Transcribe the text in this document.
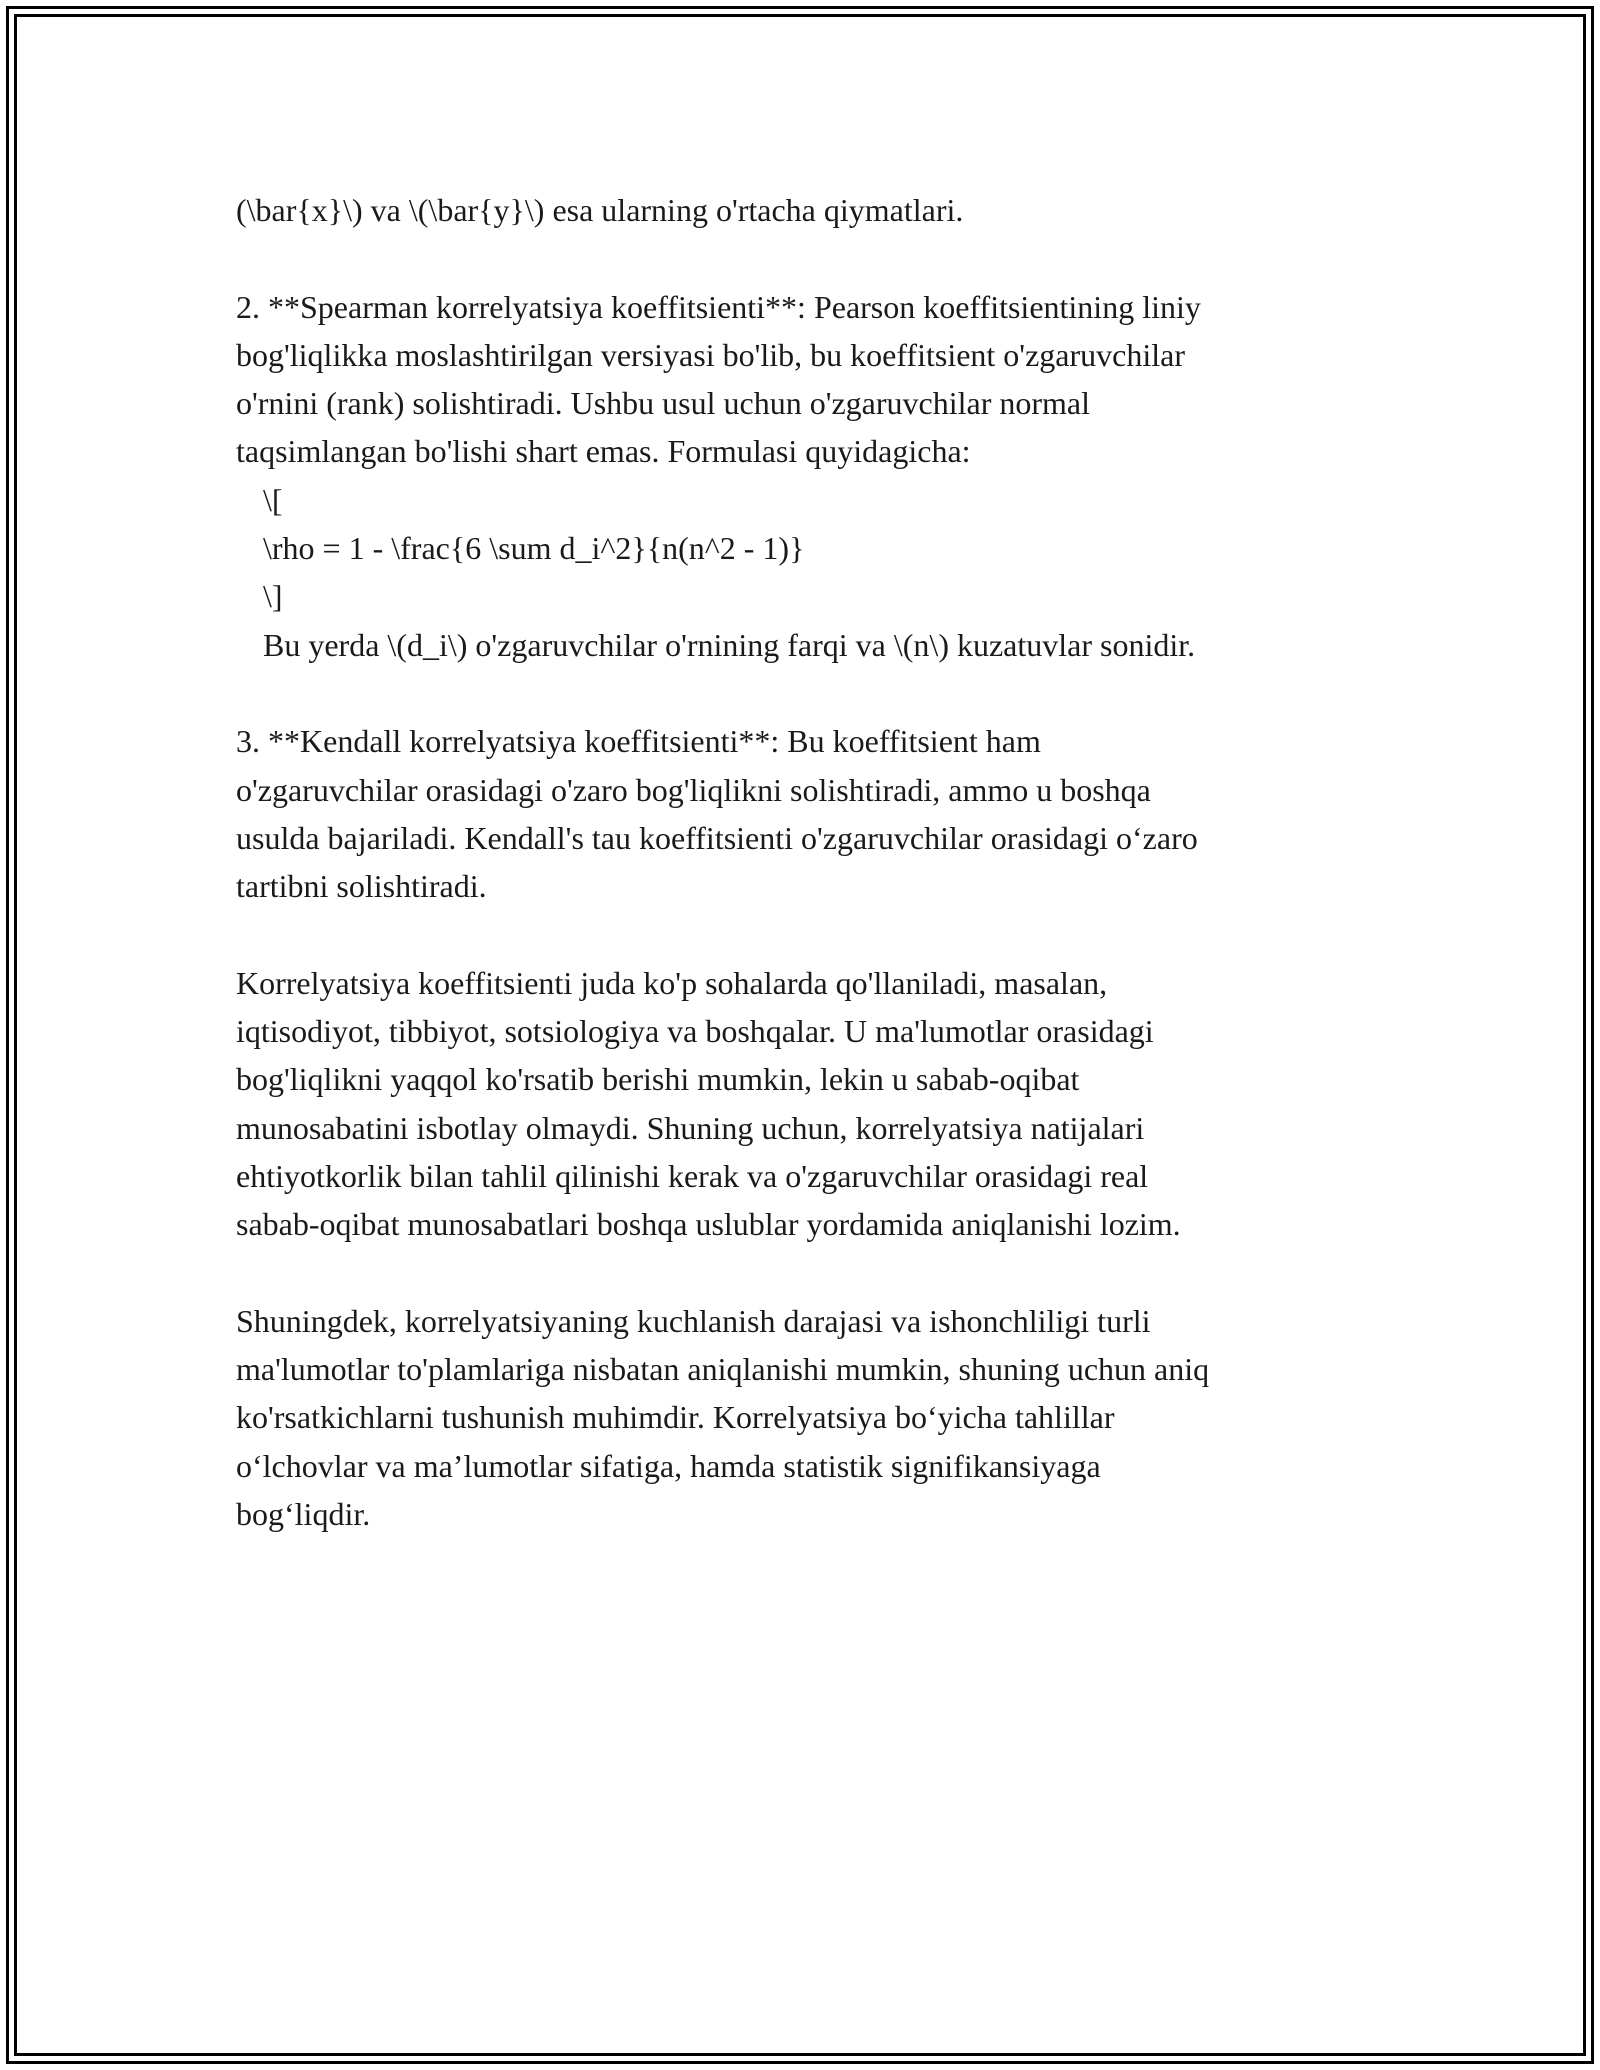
(\bar{x}\) va \(\bar{y}\) esa ularning o'rtacha qiymatlari.
2. **Spearman korrelyatsiya koeffitsienti**: Pearson koeffitsientining liniy
bog'liqlikka moslashtirilgan versiyasi bo'lib, bu koeffitsient o'zgaruvchilar
o'rnini (rank) solishtiradi. Ushbu usul uchun o'zgaruvchilar normal
taqsimlangan bo'lishi shart emas. Formulasi quyidagicha:
\[
\rho = 1 - \frac{6 \sum d_i^2}{n(n^2 - 1)}
\]
Bu yerda \(d_i\) o'zgaruvchilar o'rnining farqi va \(n\) kuzatuvlar sonidir.
3. **Kendall korrelyatsiya koeffitsienti**: Bu koeffitsient ham
o'zgaruvchilar orasidagi o'zaro bog'liqlikni solishtiradi, ammo u boshqa
usulda bajariladi. Kendall's tau koeffitsienti o'zgaruvchilar orasidagi o‘zaro
tartibni solishtiradi.
Korrelyatsiya koeffitsienti juda ko'p sohalarda qo'llaniladi, masalan,
iqtisodiyot, tibbiyot, sotsiologiya va boshqalar. U ma'lumotlar orasidagi
bog'liqlikni yaqqol ko'rsatib berishi mumkin, lekin u sabab-oqibat
munosabatini isbotlay olmaydi. Shuning uchun, korrelyatsiya natijalari
ehtiyotkorlik bilan tahlil qilinishi kerak va o'zgaruvchilar orasidagi real
sabab-oqibat munosabatlari boshqa uslublar yordamida aniqlanishi lozim.
Shuningdek, korrelyatsiyaning kuchlanish darajasi va ishonchliligi turli
ma'lumotlar to'plamlariga nisbatan aniqlanishi mumkin, shuning uchun aniq
ko'rsatkichlarni tushunish muhimdir. Korrelyatsiya bo‘yicha tahlillar
o‘lchovlar va ma’lumotlar sifatiga, hamda statistik signifikansiyaga
bog‘liqdir.
